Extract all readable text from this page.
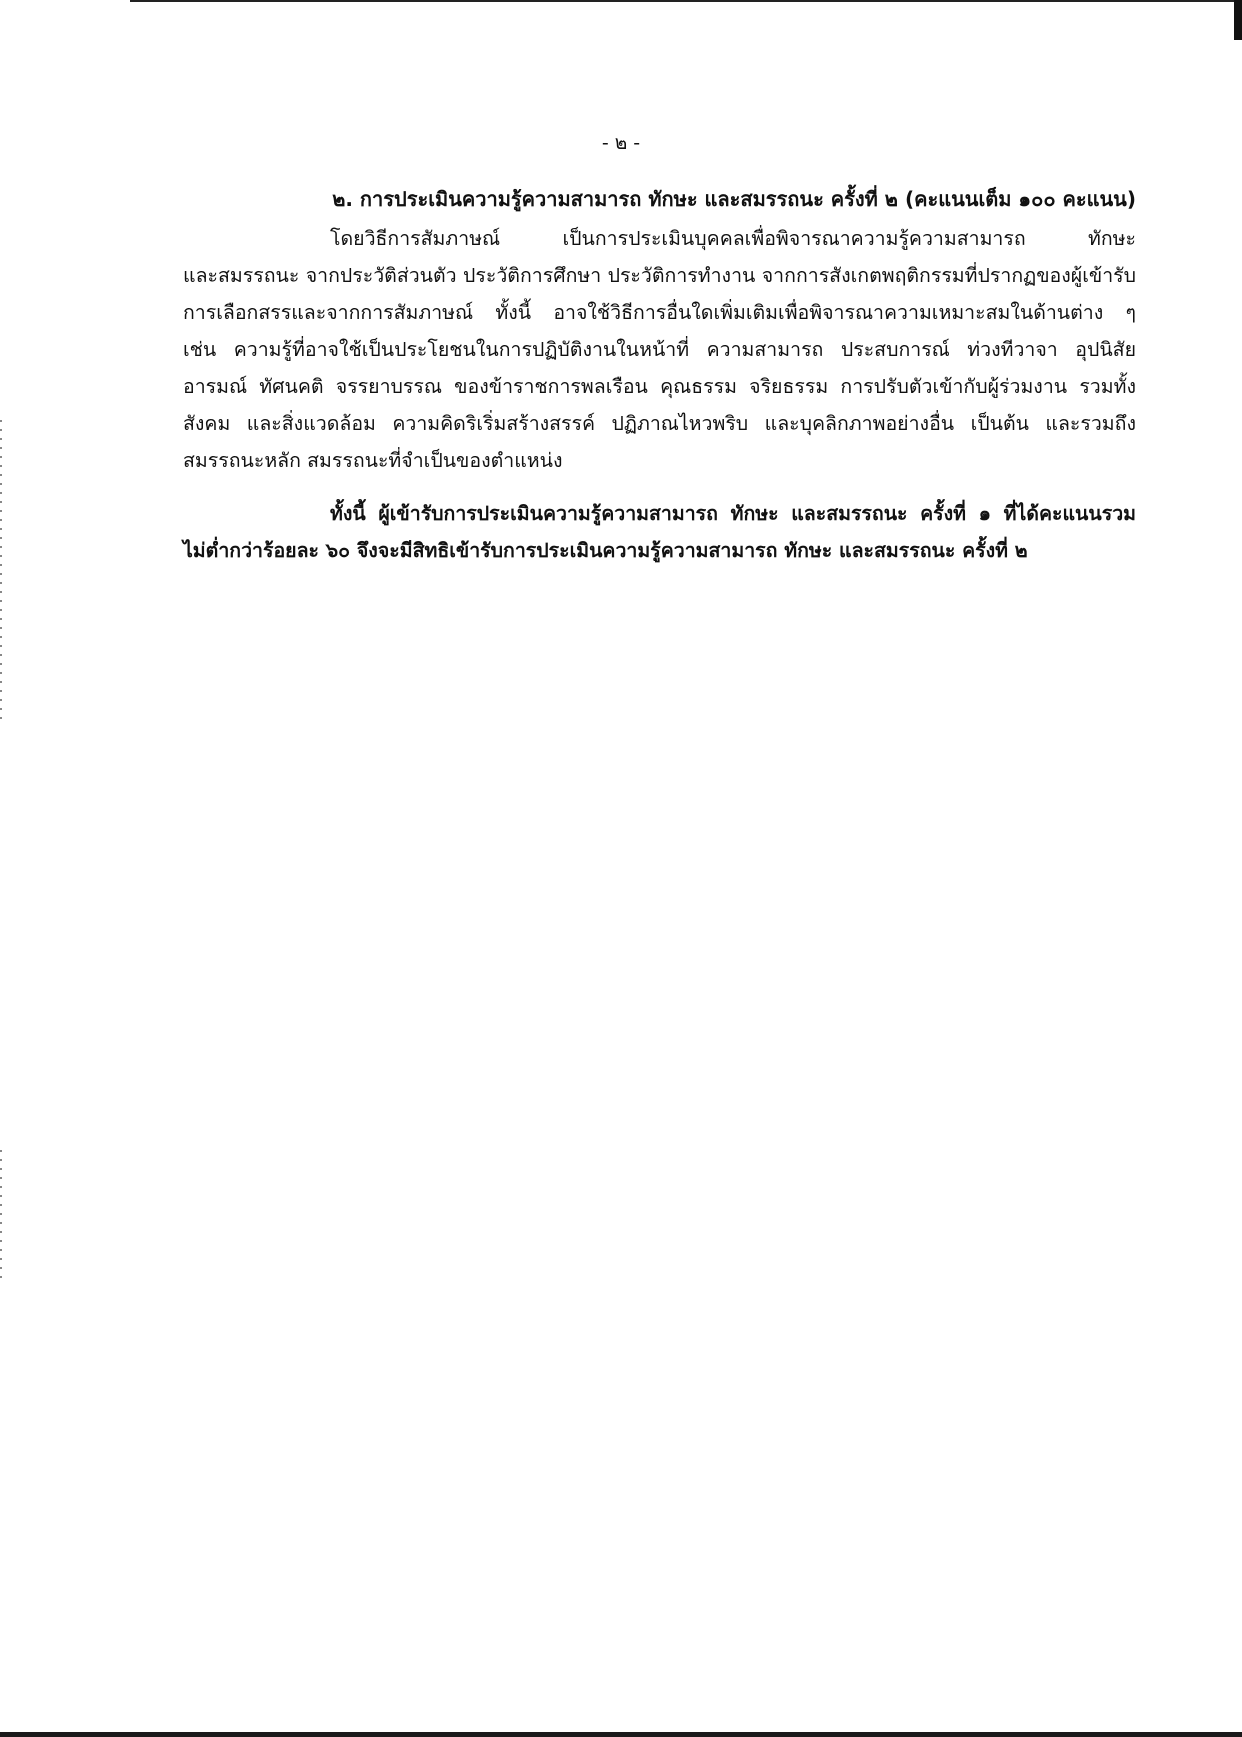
- ๒ -
๒. การประเมินความรู้ความสามารถ ทักษะ และสมรรถนะ ครั้งที่ ๒ (คะแนนเต็ม ๑๐๐ คะแนน)
โดยวิธีการสัมภาษณ์ เป็นการประเมินบุคคลเพื่อพิจารณาความรู้ความสามารถ ทักษะ
และสมรรถนะ จากประวัติส่วนตัว ประวัติการศึกษา ประวัติการทำงาน จากการสังเกตพฤติกรรมที่ปรากฏของผู้เข้ารับ
การเลือกสรรและจากการสัมภาษณ์ ทั้งนี้ อาจใช้วิธีการอื่นใดเพิ่มเติมเพื่อพิจารณาความเหมาะสมในด้านต่าง ๆ
เช่น ความรู้ที่อาจใช้เป็นประโยชนในการปฏิบัติงานในหน้าที่ ความสามารถ ประสบการณ์ ท่วงทีวาจา อุปนิสัย
อารมณ์ ทัศนคติ จรรยาบรรณ ของข้าราชการพลเรือน คุณธรรม จริยธรรม การปรับตัวเข้ากับผู้ร่วมงาน รวมทั้ง
สังคม และสิ่งแวดล้อม ความคิดริเริ่มสร้างสรรค์ ปฏิภาณไหวพริบ และบุคลิกภาพอย่างอื่น เป็นต้น และรวมถึง
สมรรถนะหลัก สมรรถนะที่จำเป็นของตำแหน่ง
ทั้งนี้ ผู้เข้ารับการประเมินความรู้ความสามารถ ทักษะ และสมรรถนะ ครั้งที่ ๑ ที่ได้คะแนนรวม
ไม่ต่ำกว่าร้อยละ ๖๐ จึงจะมีสิทธิเข้ารับการประเมินความรู้ความสามารถ ทักษะ และสมรรถนะ ครั้งที่ ๒
